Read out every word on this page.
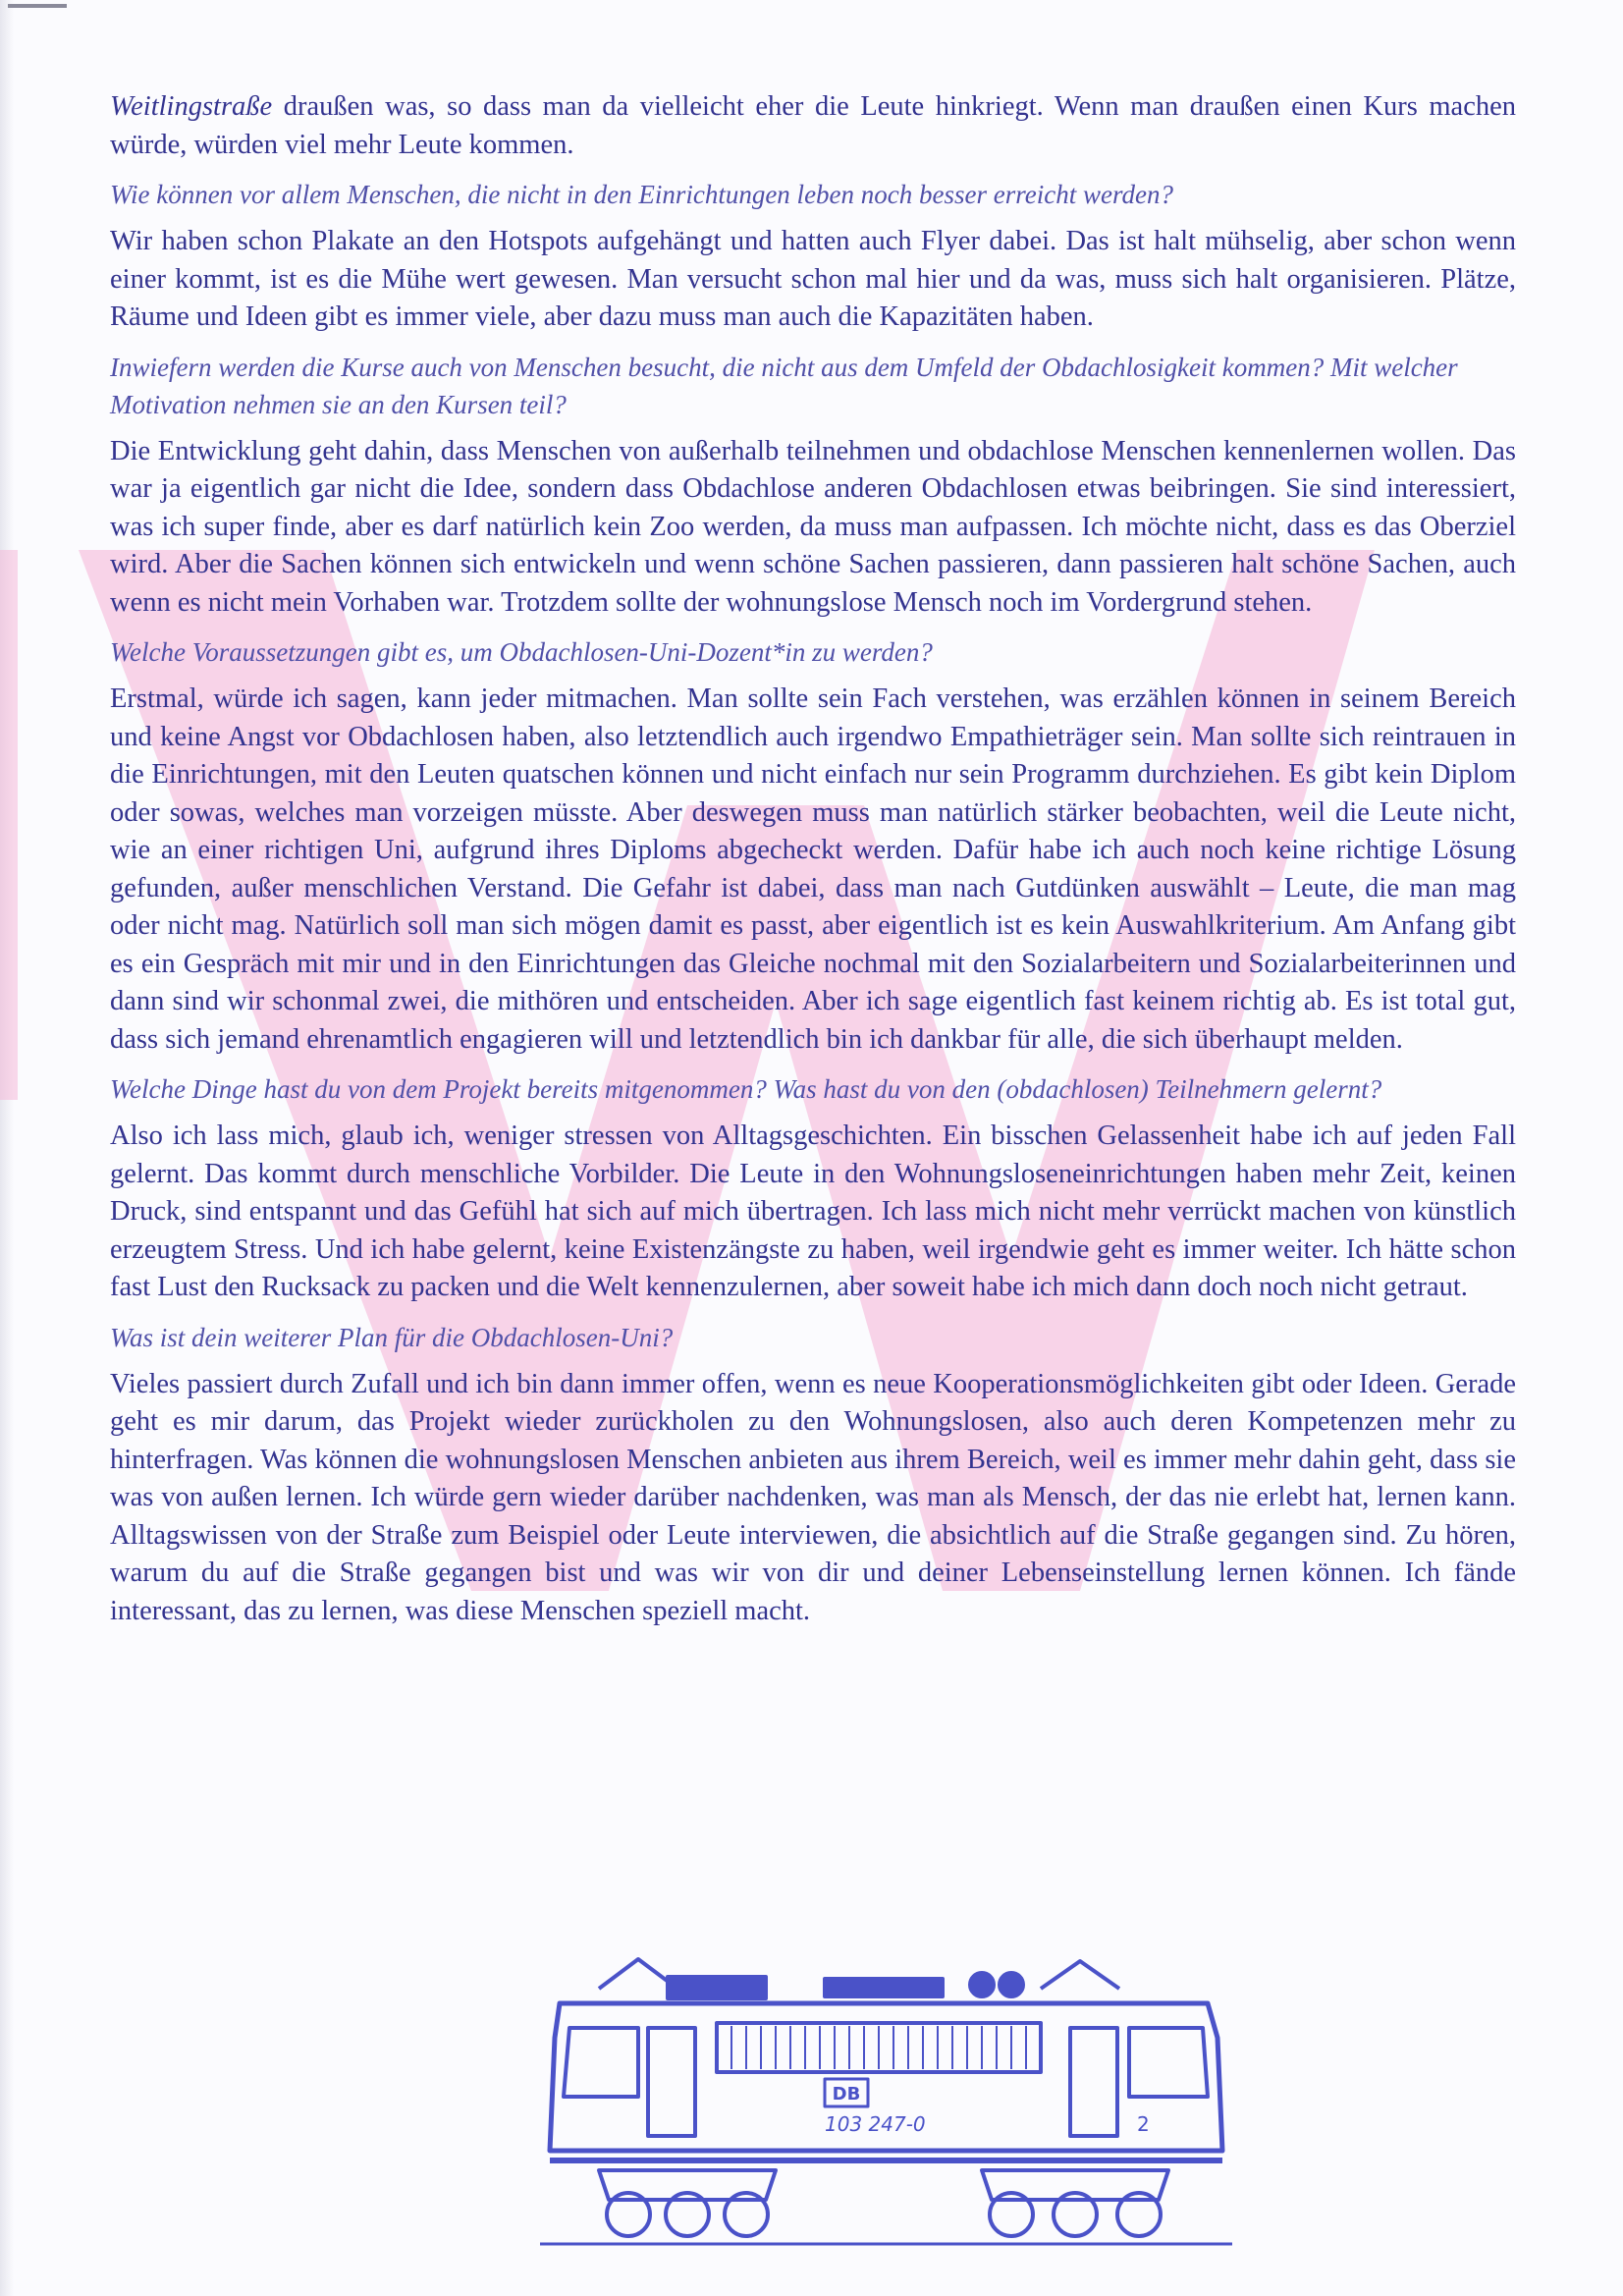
Weitlingstraße draußen was, so dass man da vielleicht eher die Leute hinkriegt. Wenn man draußen einen Kurs machen würde, würden viel mehr Leute kommen.

Wie können vor allem Menschen, die nicht in den Einrichtungen leben noch besser erreicht werden?

Wir haben schon Plakate an den Hotspots aufgehängt und hatten auch Flyer dabei. Das ist halt mühselig, aber schon wenn einer kommt, ist es die Mühe wert gewesen. Man versucht schon mal hier und da was, muss sich halt organisieren. Plätze, Räume und Ideen gibt es immer viele, aber dazu muss man auch die Kapazitäten haben.

Inwiefern werden die Kurse auch von Menschen besucht, die nicht aus dem Umfeld der Obdachlosigkeit kommen? Mit welcher Motivation nehmen sie an den Kursen teil?

Die Entwicklung geht dahin, dass Menschen von außerhalb teilnehmen und obdachlose Menschen kennenlernen wollen. Das war ja eigentlich gar nicht die Idee, sondern dass Obdachlose anderen Obdachlosen etwas beibringen. Sie sind interessiert, was ich super finde, aber es darf natürlich kein Zoo werden, da muss man aufpassen. Ich möchte nicht, dass es das Oberziel wird. Aber die Sachen können sich entwickeln und wenn schöne Sachen passieren, dann passieren halt schöne Sachen, auch wenn es nicht mein Vorhaben war. Trotzdem sollte der wohnungslose Mensch noch im Vordergrund stehen.

Welche Voraussetzungen gibt es, um Obdachlosen-Uni-Dozent*in zu werden?

Erstmal, würde ich sagen, kann jeder mitmachen. Man sollte sein Fach verstehen, was erzählen können in seinem Bereich und keine Angst vor Obdachlosen haben, also letztendlich auch irgendwo Empathieträger sein. Man sollte sich reintrauen in die Einrichtungen, mit den Leuten quatschen können und nicht einfach nur sein Programm durchziehen. Es gibt kein Diplom oder sowas, welches man vorzeigen müsste. Aber deswegen muss man natürlich stärker beobachten, weil die Leute nicht, wie an einer richtigen Uni, aufgrund ihres Diploms abgecheckt werden. Dafür habe ich auch noch keine richtige Lösung gefunden, außer menschlichen Verstand. Die Gefahr ist dabei, dass man nach Gutdünken auswählt – Leute, die man mag oder nicht mag. Natürlich soll man sich mögen damit es passt, aber eigentlich ist es kein Auswahlkriterium. Am Anfang gibt es ein Gespräch mit mir und in den Einrichtungen das Gleiche nochmal mit den Sozialarbeitern und Sozialarbeiterinnen und dann sind wir schonmal zwei, die mithören und entscheiden. Aber ich sage eigentlich fast keinem richtig ab. Es ist total gut, dass sich jemand ehrenamtlich engagieren will und letztendlich bin ich dankbar für alle, die sich überhaupt melden.

Welche Dinge hast du von dem Projekt bereits mitgenommen? Was hast du von den (obdachlosen) Teilnehmern gelernt?

Also ich lass mich, glaub ich, weniger stressen von Alltagsgeschichten. Ein bisschen Gelassenheit habe ich auf jeden Fall gelernt. Das kommt durch menschliche Vorbilder. Die Leute in den Wohnungsloseneinrichtungen haben mehr Zeit, keinen Druck, sind entspannt und das Gefühl hat sich auf mich übertragen. Ich lass mich nicht mehr verrückt machen von künstlich erzeugtem Stress. Und ich habe gelernt, keine Existenzängste zu haben, weil irgendwie geht es immer weiter. Ich hätte schon fast Lust den Rucksack zu packen und die Welt kennenzulernen, aber soweit habe ich mich dann doch noch nicht getraut.

Was ist dein weiterer Plan für die Obdachlosen-Uni?

Vieles passiert durch Zufall und ich bin dann immer offen, wenn es neue Kooperationsmöglichkeiten gibt oder Ideen. Gerade geht es mir darum, das Projekt wieder zurückholen zu den Wohnungslosen, also auch deren Kompetenzen mehr zu hinterfragen. Was können die wohnungslosen Menschen anbieten aus ihrem Bereich, weil es immer mehr dahin geht, dass sie was von außen lernen. Ich würde gern wieder darüber nachdenken, was man als Mensch, der das nie erlebt hat, lernen kann. Alltagswissen von der Straße zum Beispiel oder Leute interviewen, die absichtlich auf die Straße gegangen sind. Zu hören, warum du auf die Straße gegangen bist und was wir von dir und deiner Lebenseinstellung lernen können. Ich fände interessant, das zu lernen, was diese Menschen speziell macht.

DB
103 247-0	2
